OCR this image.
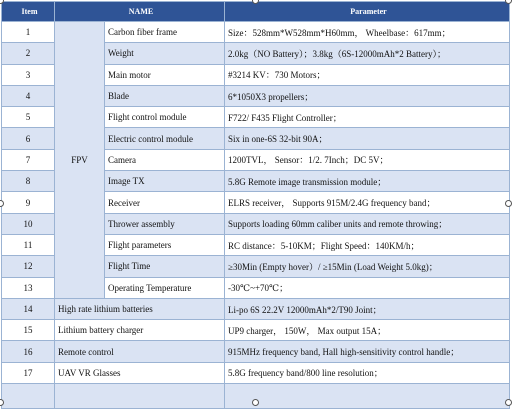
Item	NAME		Parameter
1	FPV	Carbon fiber frame	Size：528mm*W528mm*H60mm， Wheelbase：617mm；
2		Weight	2.0kg（NO Battery）；3.8kg（6S-12000mAh*2 Battery）；
3		Main motor	#3214 KV：730 Motors；
4		Blade	6*1050X3 propellers；
5		Flight control module	F722/ F435 Flight Controller；
6		Electric control module	Six in one-6S 32-bit 90A；
7		Camera	1200TVL， Sensor：1/2. 7Inch；DC 5V；
8		Image TX	5.8G Remote image transmission module；
9		Receiver	ELRS receiver， Supports 915M/2.4G frequency band；
10		Thrower assembly	Supports loading 60mm caliber units and remote throwing；
11		Flight parameters	RC distance：5-10KM；Flight Speed：140KM/h；
12		Flight Time	≥30Min (Empty hover）/ ≥15Min (Load Weight 5.0kg)；
13		Operating Temperature	-30℃~+70℃；
14	High rate lithium batteries		Li-po 6S 22.2V 12000mAh*2/T90 Joint；
15	Lithium battery charger		UP9 charger， 150W， Max output 15A；
16	Remote control		915MHz frequency band, Hall high-sensitivity control handle；
17	UAV VR Glasses		5.8G frequency band/800 line resolution；
